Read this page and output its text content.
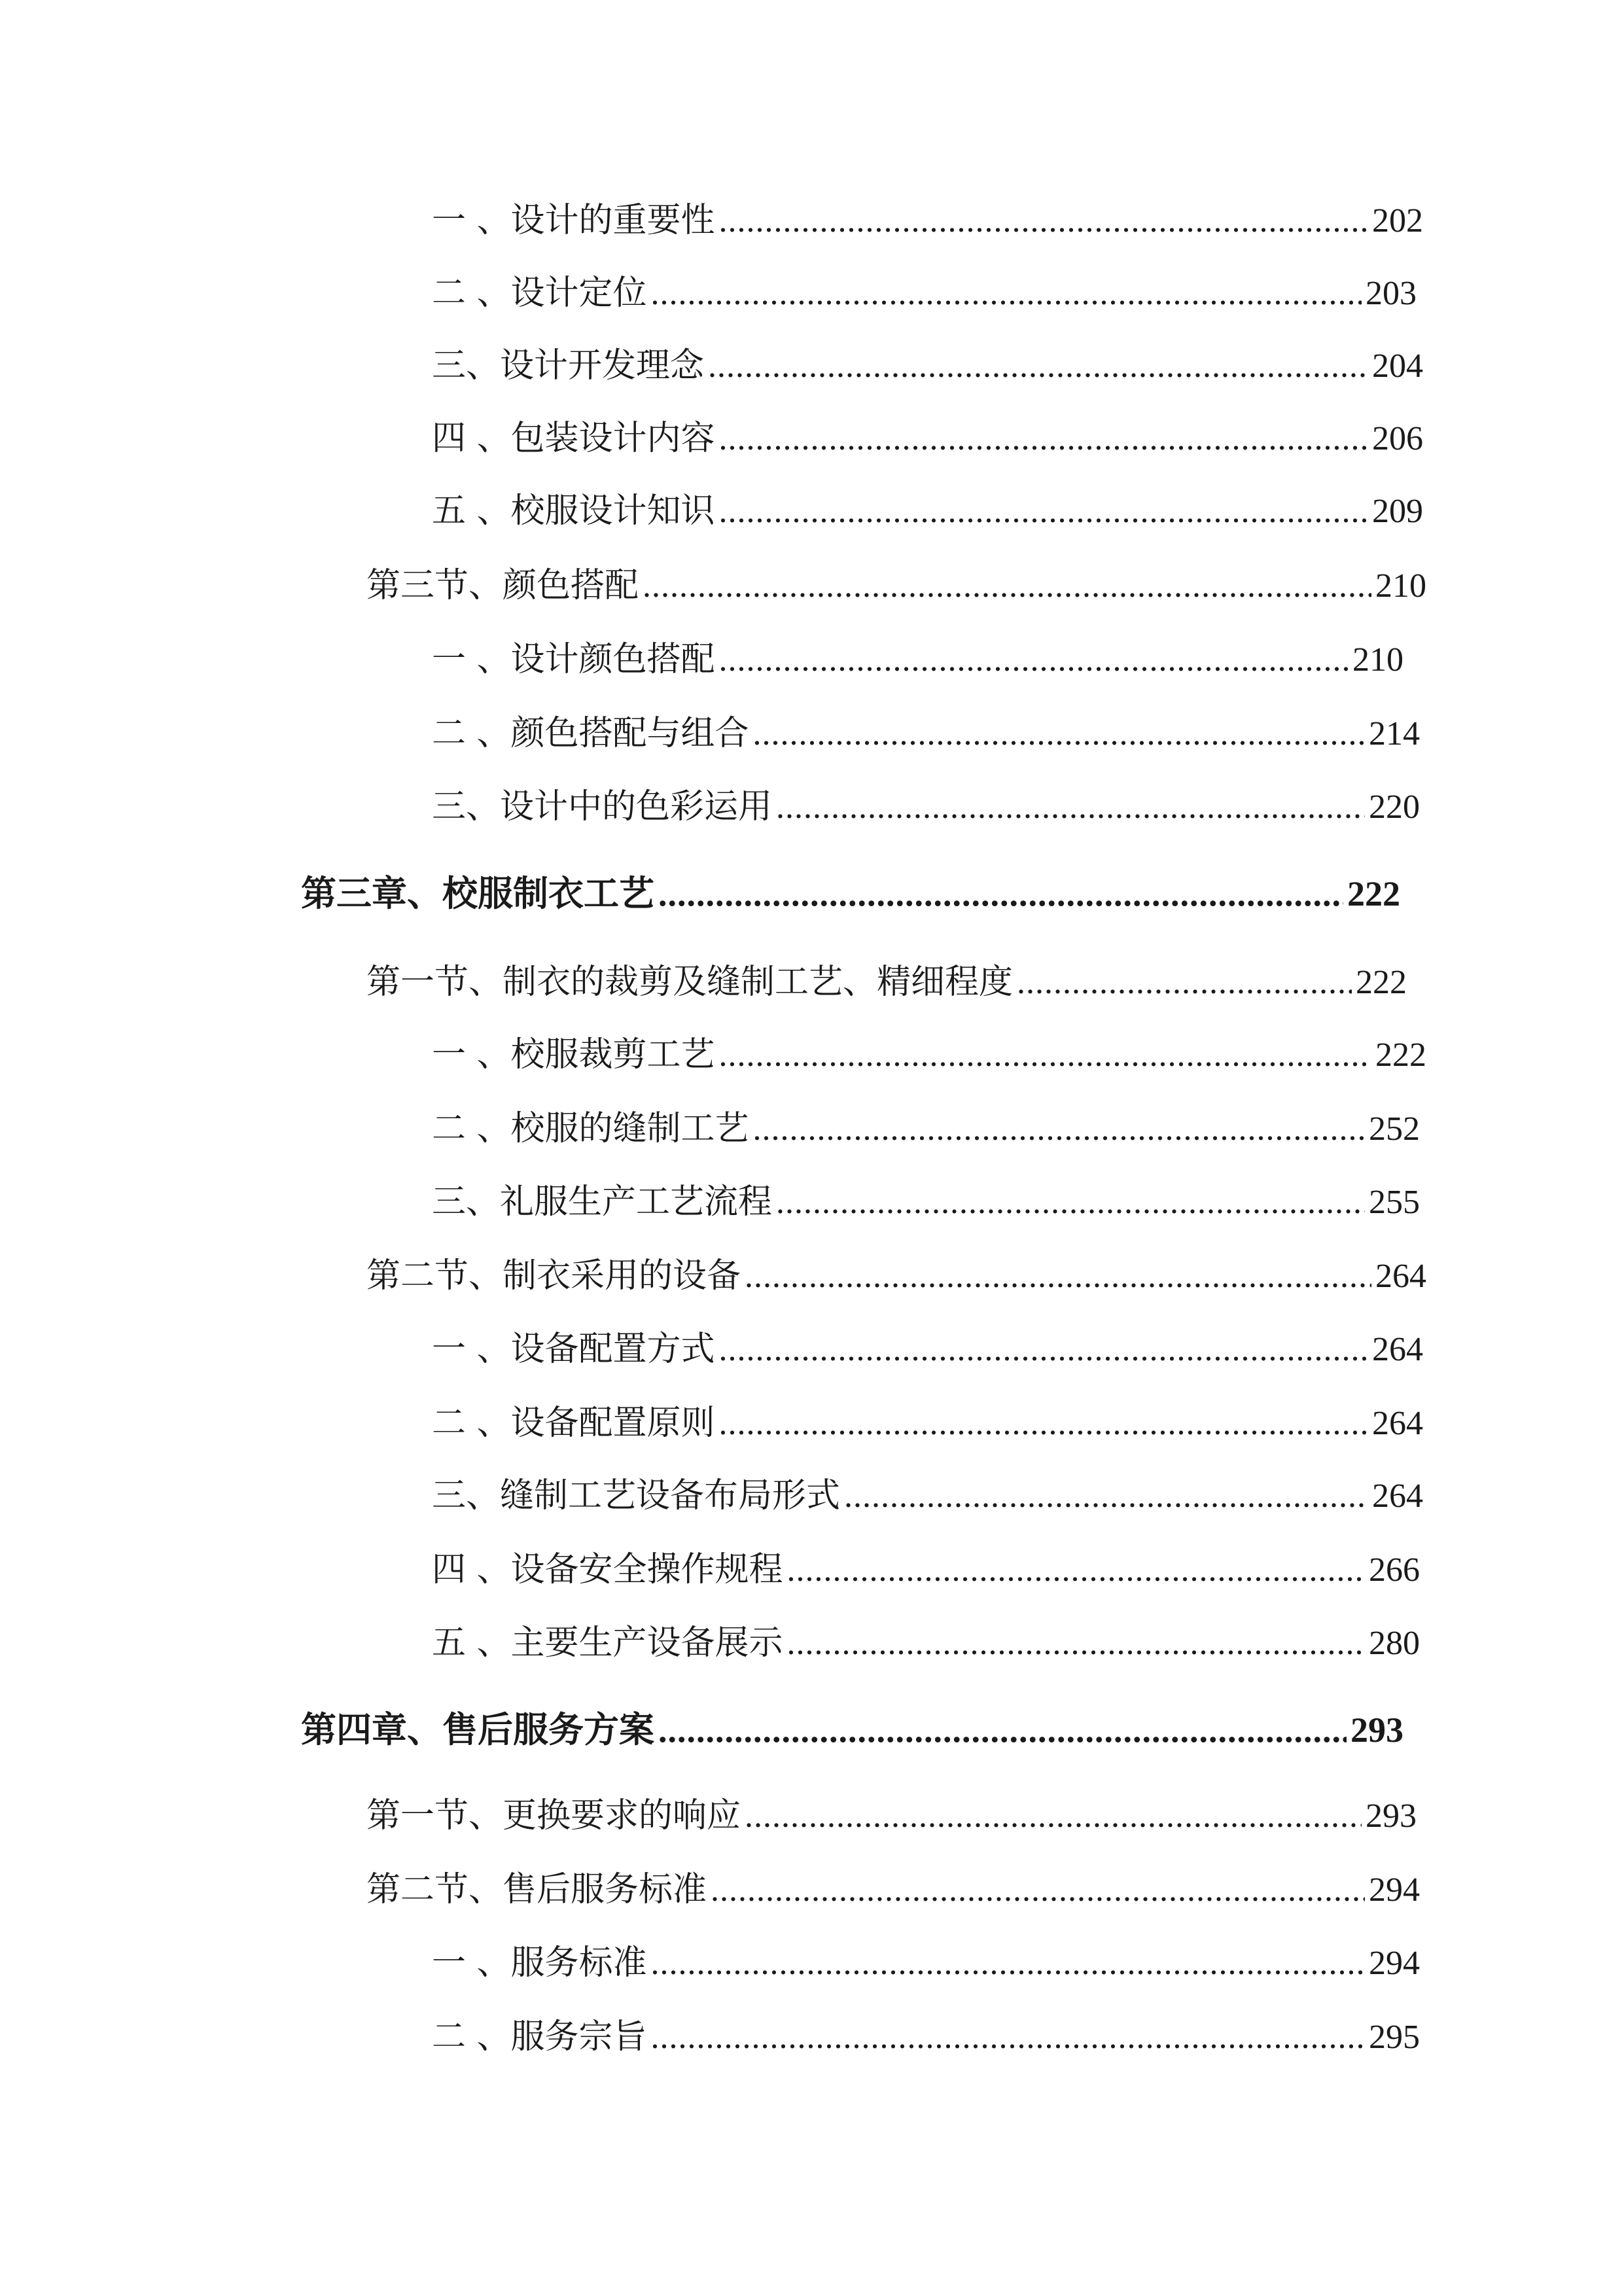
一 、设计的重要性 .....	202
二 、设计定位 .....	203
三、设计开发理念 .....	204
四 、包装设计内容 .....	206
五 、校服设计知识 .....	209
第三节、颜色搭配 .....	210
一 、设计颜色搭配 .....	210
二 、颜色搭配与组合 .....	214
三、设计中的色彩运用 .....	220
第三章、校服制衣工艺 .....	222
第一节、制衣的裁剪及缝制工艺、精细程度 .....	222
一 、校服裁剪工艺 .....	222
二 、校服的缝制工艺 .....	252
三、礼服生产工艺流程 .....	255
第二节、制衣采用的设备 .....	264
一 、设备配置方式 .....	264
二 、设备配置原则 .....	264
三、缝制工艺设备布局形式 .....	264
四 、设备安全操作规程 .....	266
五 、主要生产设备展示 .....	280
第四章、售后服务方案 .....	293
第一节、更换要求的响应 .....	293
第二节、售后服务标准 .....	294
一 、服务标准 .....	294
二 、服务宗旨 .....	295
